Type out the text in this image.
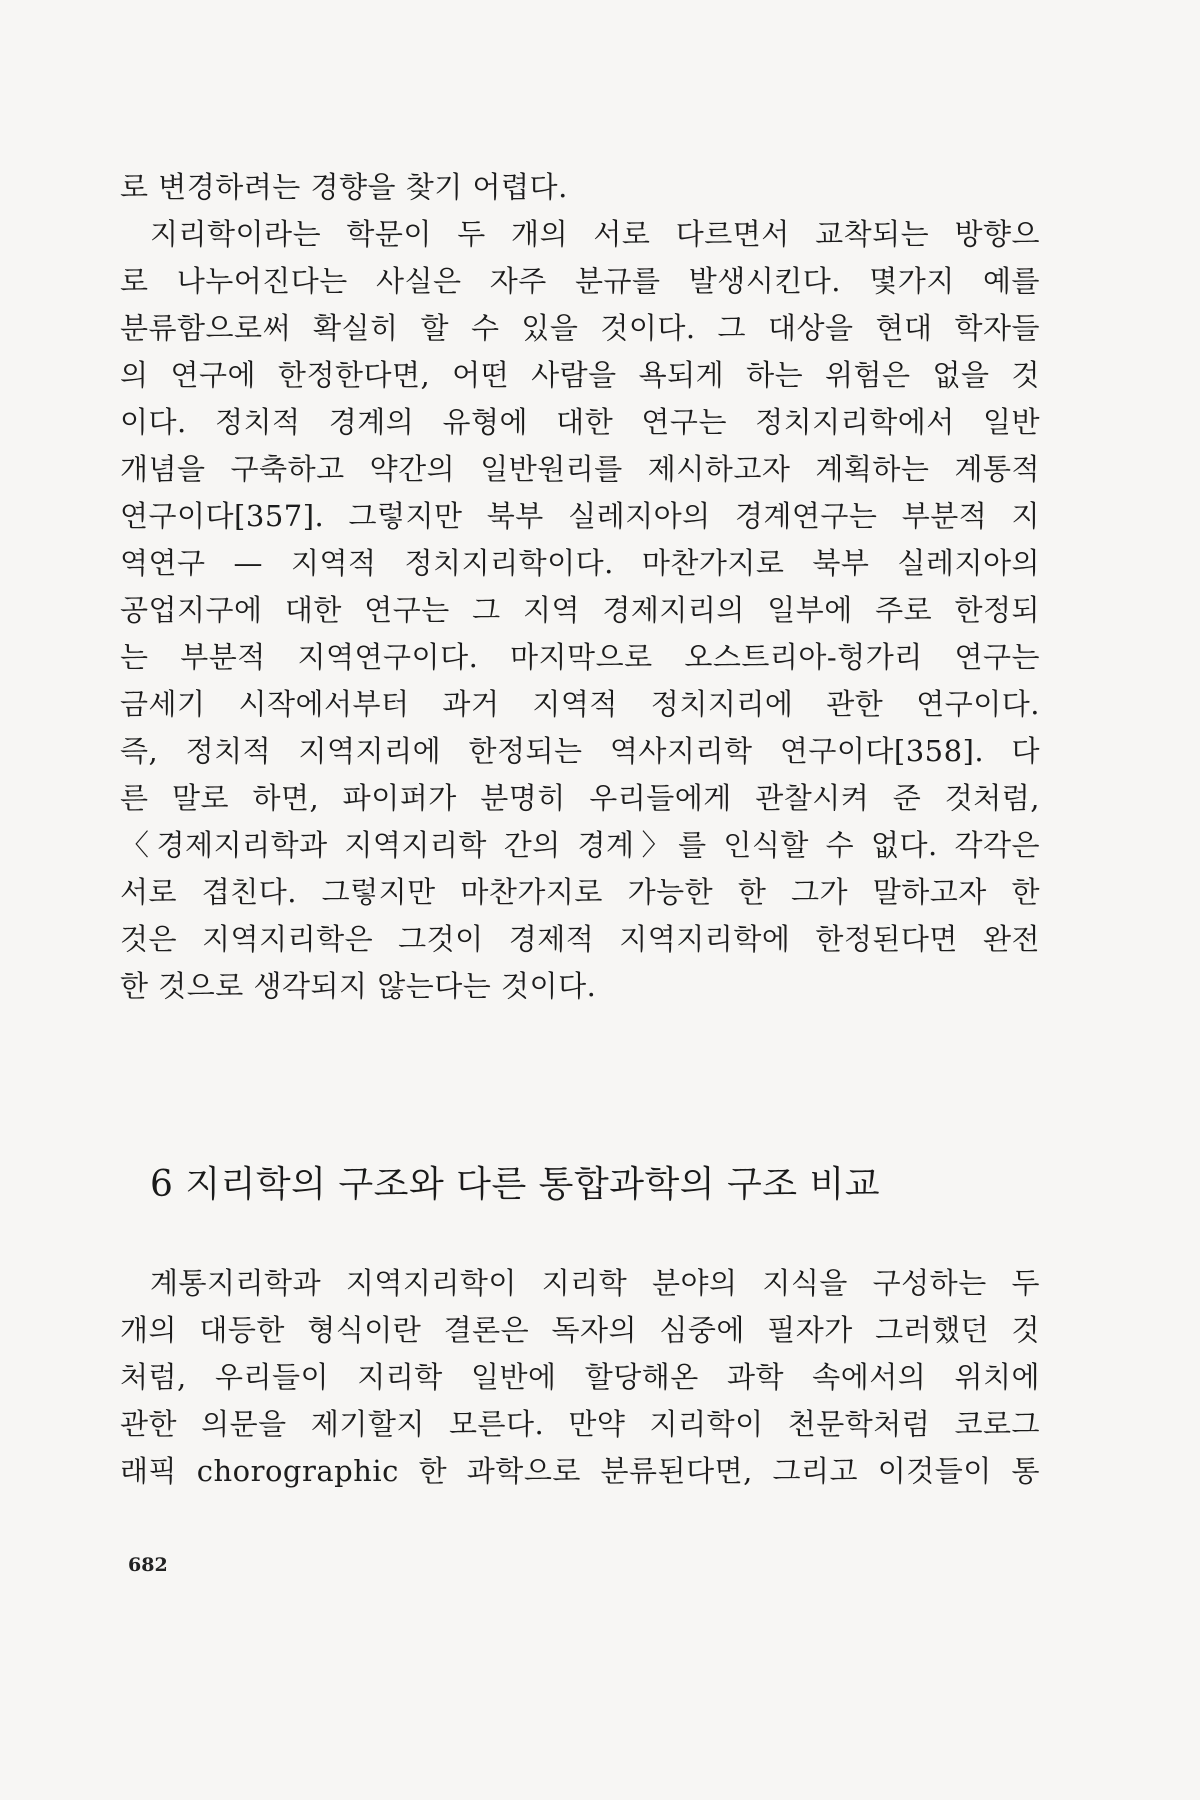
로 변경하려는 경향을 찾기 어렵다.
지리학이라는 학문이 두 개의 서로 다르면서 교착되는 방향으
로 나누어진다는 사실은 자주 분규를 발생시킨다. 몇가지 예를
분류함으로써 확실히 할 수 있을 것이다. 그 대상을 현대 학자들
의 연구에 한정한다면, 어떤 사람을 욕되게 하는 위험은 없을 것
이다. 정치적 경계의 유형에 대한 연구는 정치지리학에서 일반
개념을 구축하고 약간의 일반원리를 제시하고자 계획하는 계통적
연구이다[357]. 그렇지만 북부 실레지아의 경계연구는 부분적 지
역연구 — 지역적 정치지리학이다. 마찬가지로 북부 실레지아의
공업지구에 대한 연구는 그 지역 경제지리의 일부에 주로 한정되
는 부분적 지역연구이다. 마지막으로 오스트리아-헝가리 연구는
금세기 시작에서부터 과거 지역적 정치지리에 관한 연구이다.
즉, 정치적 지역지리에 한정되는 역사지리학 연구이다[358]. 다
른 말로 하면, 파이퍼가 분명히 우리들에게 관찰시켜 준 것처럼,
〈경제지리학과 지역지리학 간의 경계〉를 인식할 수 없다. 각각은
서로 겹친다. 그렇지만 마찬가지로 가능한 한 그가 말하고자 한
것은 지역지리학은 그것이 경제적 지역지리학에 한정된다면 완전
한 것으로 생각되지 않는다는 것이다.
6 지리학의 구조와 다른 통합과학의 구조 비교
계통지리학과 지역지리학이 지리학 분야의 지식을 구성하는 두
개의 대등한 형식이란 결론은 독자의 심중에 필자가 그러했던 것
처럼, 우리들이 지리학 일반에 할당해온 과학 속에서의 위치에
관한 의문을 제기할지 모른다. 만약 지리학이 천문학처럼 코로그
래픽 chorographic 한 과학으로 분류된다면, 그리고 이것들이 통
682
